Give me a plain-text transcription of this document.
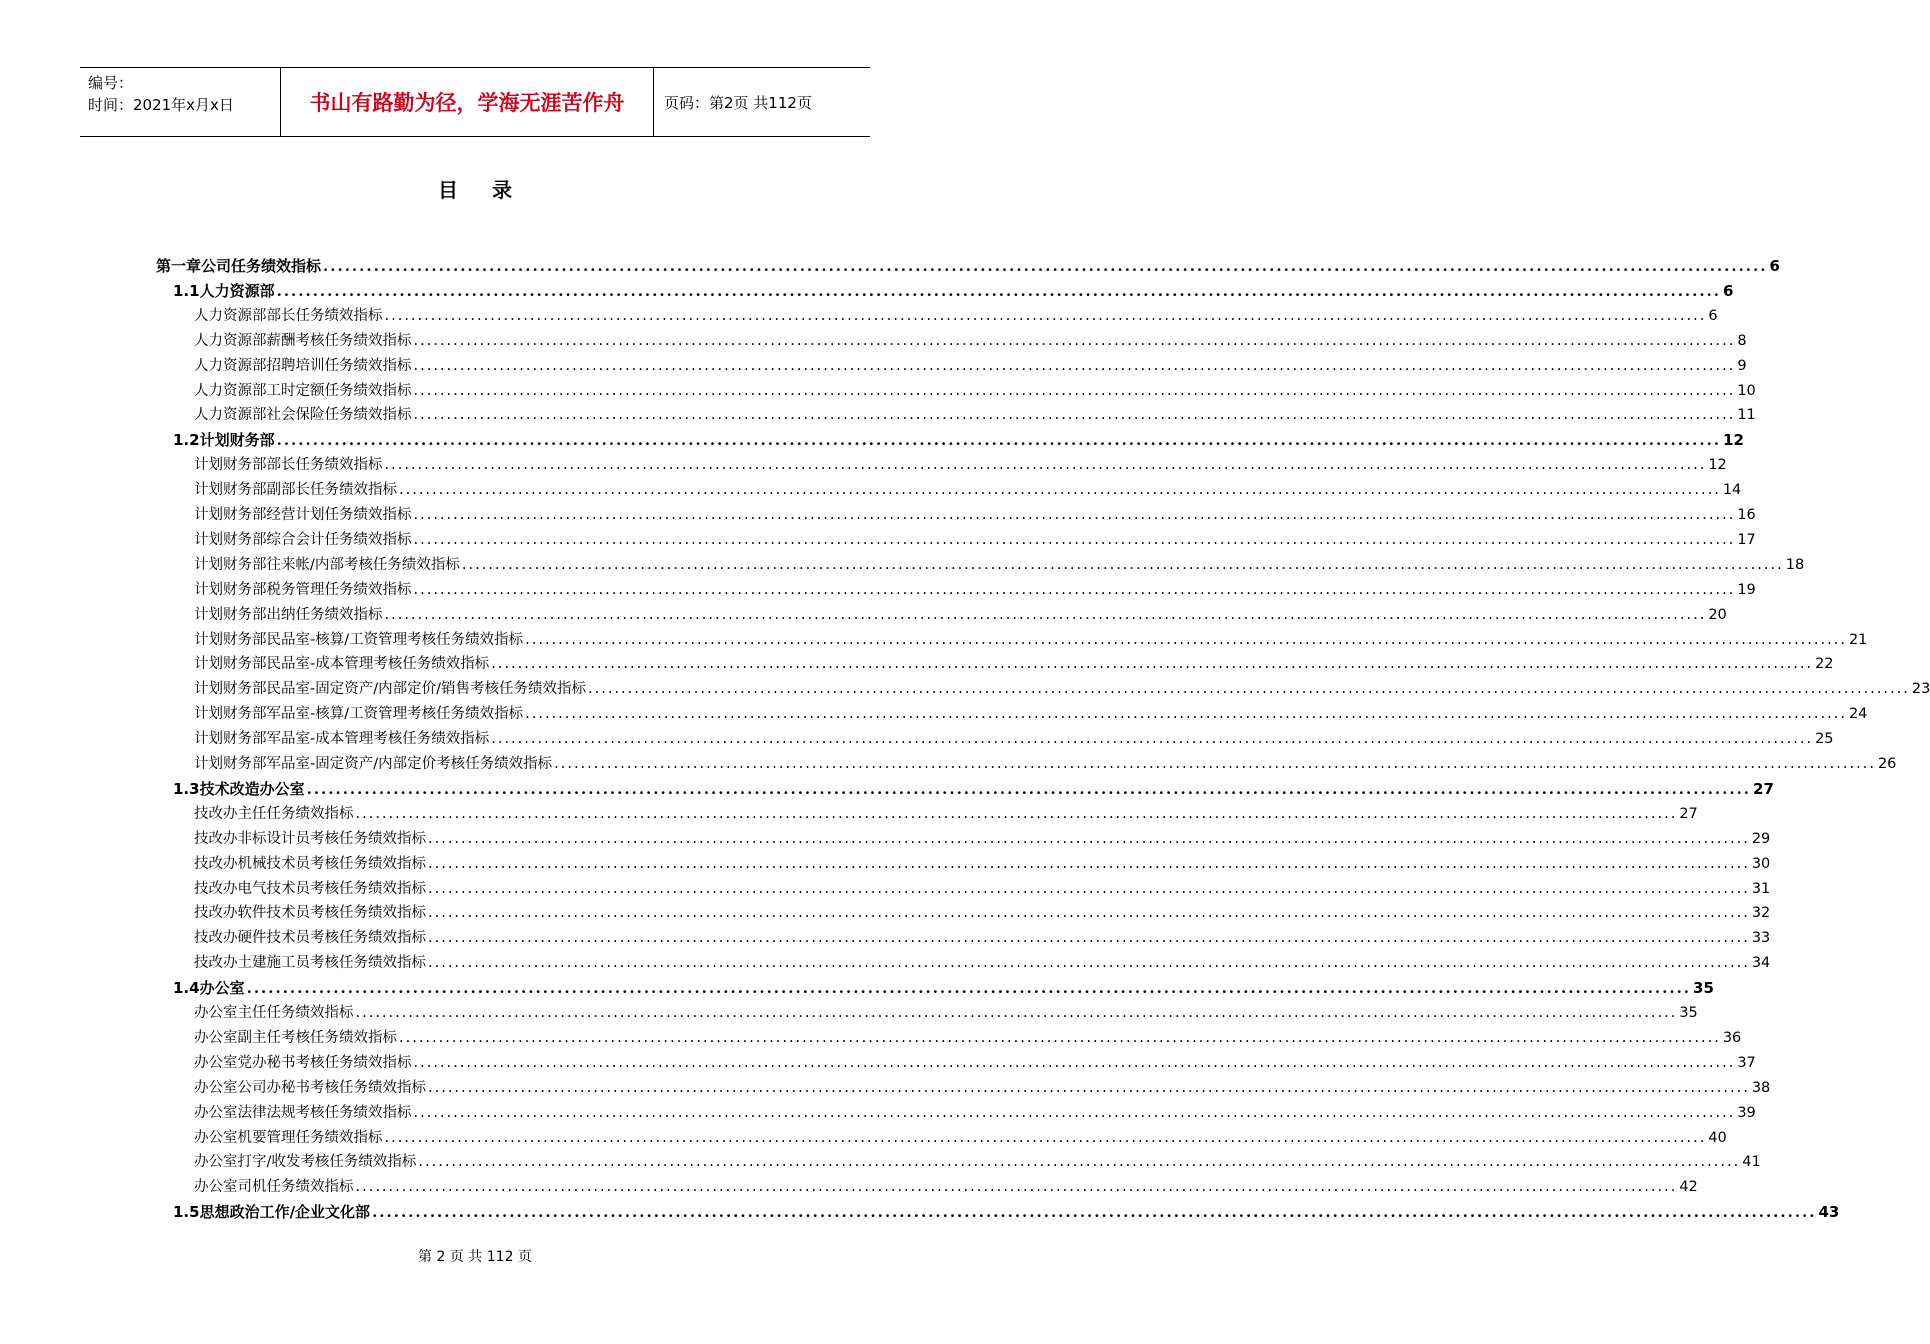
编号：
时间：2021年x月x日	书山有路勤为径，学海无涯苦作舟	页码：第2页 共112页
目录
第一章 公司任务绩效指标 ........................................................................................................................................................................................................ 6
1.1 人力资源部 ........................................................................................................................................................................................................ 6
人力资源部部长任务绩效指标 ........................................................................................................................................................................................................ 6
人力资源部薪酬考核任务绩效指标 ........................................................................................................................................................................................................ 8
人力资源部招聘培训任务绩效指标 ........................................................................................................................................................................................................ 9
人力资源部工时定额任务绩效指标 ........................................................................................................................................................................................................ 10
人力资源部社会保险任务绩效指标 ........................................................................................................................................................................................................ 11
1.2 计划财务部 ........................................................................................................................................................................................................ 12
计划财务部部长任务绩效指标 ........................................................................................................................................................................................................ 12
计划财务部副部长任务绩效指标 ........................................................................................................................................................................................................ 14
计划财务部经营计划任务绩效指标 ........................................................................................................................................................................................................ 16
计划财务部综合会计任务绩效指标 ........................................................................................................................................................................................................ 17
计划财务部往来帐/内部考核任务绩效指标 ........................................................................................................................................................................................................ 18
计划财务部税务管理任务绩效指标 ........................................................................................................................................................................................................ 19
计划财务部出纳任务绩效指标 ........................................................................................................................................................................................................ 20
计划财务部民品室-核算/工资管理考核任务绩效指标 ........................................................................................................................................................................................................ 21
计划财务部民品室-成本管理考核任务绩效指标 ........................................................................................................................................................................................................ 22
计划财务部民品室-固定资产/内部定价/销售考核任务绩效指标 ........................................................................................................................................................................................................ 23
计划财务部军品室-核算/工资管理考核任务绩效指标 ........................................................................................................................................................................................................ 24
计划财务部军品室-成本管理考核任务绩效指标 ........................................................................................................................................................................................................ 25
计划财务部军品室-固定资产/内部定价考核任务绩效指标 ........................................................................................................................................................................................................ 26
1.3 技术改造办公室 ........................................................................................................................................................................................................ 27
技改办主任任务绩效指标 ........................................................................................................................................................................................................ 27
技改办非标设计员考核任务绩效指标 ........................................................................................................................................................................................................ 29
技改办机械技术员考核任务绩效指标 ........................................................................................................................................................................................................ 30
技改办电气技术员考核任务绩效指标 ........................................................................................................................................................................................................ 31
技改办软件技术员考核任务绩效指标 ........................................................................................................................................................................................................ 32
技改办硬件技术员考核任务绩效指标 ........................................................................................................................................................................................................ 33
技改办土建施工员考核任务绩效指标 ........................................................................................................................................................................................................ 34
1.4 办公室 ........................................................................................................................................................................................................ 35
办公室主任任务绩效指标 ........................................................................................................................................................................................................ 35
办公室副主任考核任务绩效指标 ........................................................................................................................................................................................................ 36
办公室党办秘书考核任务绩效指标 ........................................................................................................................................................................................................ 37
办公室公司办秘书考核任务绩效指标 ........................................................................................................................................................................................................ 38
办公室法律法规考核任务绩效指标 ........................................................................................................................................................................................................ 39
办公室机要管理任务绩效指标 ........................................................................................................................................................................................................ 40
办公室打字/收发考核任务绩效指标 ........................................................................................................................................................................................................ 41
办公室司机任务绩效指标 ........................................................................................................................................................................................................ 42
1.5 思想政治工作/企业文化部 ........................................................................................................................................................................................................ 43
第 2 页 共 112 页
